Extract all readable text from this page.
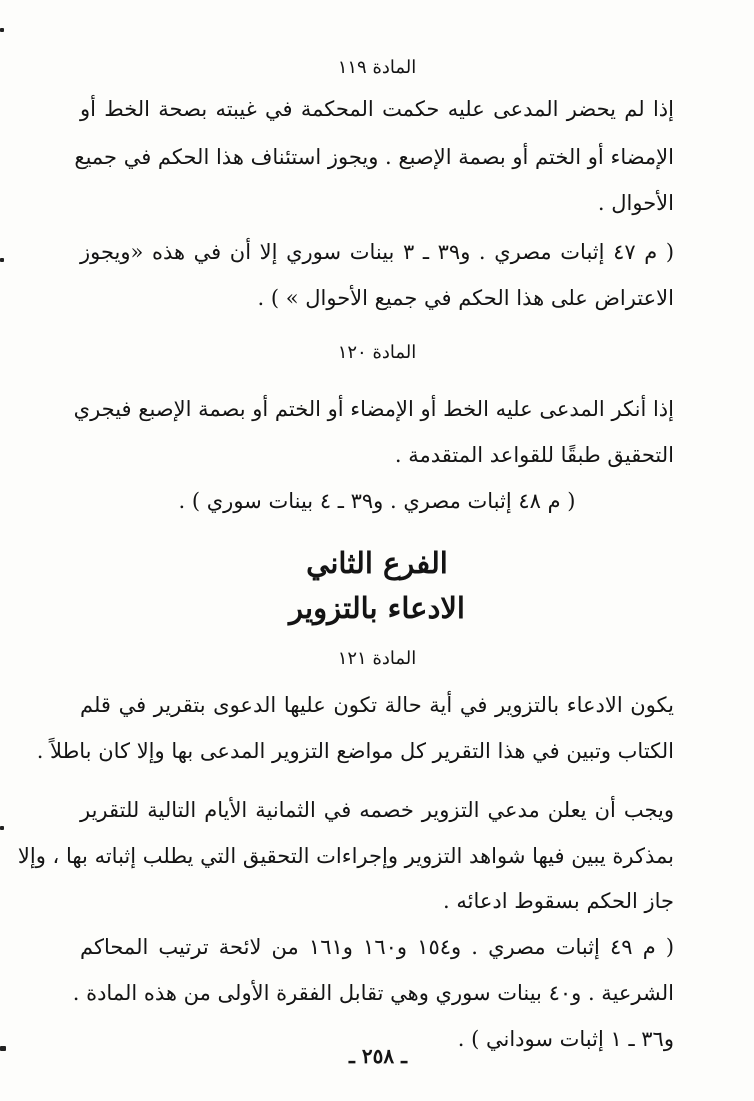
المادة ١١٩
إذا لم يحضر المدعى عليه حكمت المحكمة في غيبته بصحة الخط أو
الإمضاء أو الختم أو بصمة الإصبع . ويجوز استئناف هذا الحكم في جميع
الأحوال .
( م ٤٧ إثبات مصري . و٣٩ ـ ٣ بينات سوري إلا أن في هذه «ويجوز
الاعتراض على هذا الحكم في جميع الأحوال » ) .
المادة ١٢٠
إذا أنكر المدعى عليه الخط أو الإمضاء أو الختم أو بصمة الإصبع فيجري
التحقيق طبقًا للقواعد المتقدمة .
( م ٤٨ إثبات مصري . و٣٩ ـ ٤ بينات سوري ) .
الفرع الثاني
الادعاء بالتزوير
المادة ١٢١
يكون الادعاء بالتزوير في أية حالة تكون عليها الدعوى بتقرير في قلم
الكتاب وتبين في هذا التقرير كل مواضع التزوير المدعى بها وإلا كان باطلاً .
ويجب أن يعلن مدعي التزوير خصمه في الثمانية الأيام التالية للتقرير
بمذكرة يبين فيها شواهد التزوير وإجراءات التحقيق التي يطلب إثباته بها ، وإلا
جاز الحكم بسقوط ادعائه .
( م ٤٩ إثبات مصري . و١٥٤ و١٦٠ و١٦١ من لائحة ترتيب المحاكم
الشرعية . و٤٠ بينات سوري وهي تقابل الفقرة الأولى من هذه المادة .
و٣٦ ـ ١ إثبات سوداني ) .
ـ ٢٥٨ ـ
